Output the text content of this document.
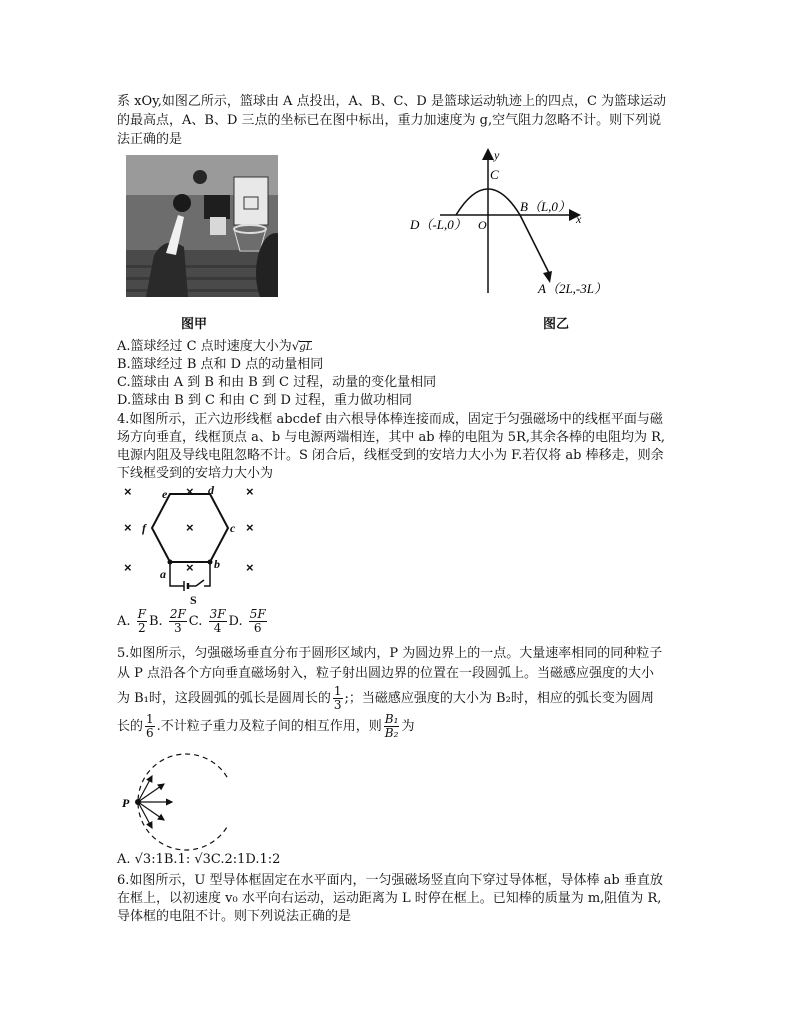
系 xOy,如图乙所示，篮球由 A 点投出，A、B、C、D 是篮球运动轨迹上的四点，C 为篮球运动
的最高点，A、B、D 三点的坐标已在图中标出，重力加速度为 g,空气阻力忽略不计。则下列说
法正确的是
图甲
y
x
C
O
B（L,0）
D（-L,0）
A（2L,-3L）
图乙
A.篮球经过 C 点时速度大小为√gL
B.篮球经过 B 点和 D 点的动量相同
C.篮球由 A 到 B 和由 B 到 C 过程，动量的变化量相同
D.篮球由 B 到 C 和由 C 到 D 过程，重力做功相同
4.如图所示，正六边形线框 abcdef 由六根导体棒连接而成，固定于匀强磁场中的线框平面与磁
场方向垂直，线框顶点 a、b 与电源两端相连，其中 ab 棒的电阻为 5R,其余各棒的电阻均为 R,
电源内阻及导线电阻忽略不计。S 闭合后，线框受到的安培力大小为 F.若仅将 ab 棒移走，则余
下线框受到的安培力大小为
×	×	×
×	×	×
×	×	×
a
b
c
d
e
f
S
A. $\frac{F}{2} B$. $\frac{2F}{3} C$. $\frac{3F}{4} D$. $\frac{5F}{6}$
5.如图所示，匀强磁场垂直分布于圆形区域内，P 为圆边界上的一点。大量速率相同的同种粒子
从 P 点沿各个方向垂直磁场射入，粒子射出圆边界的位置在一段圆弧上。当磁感应强度的大小
为 B₁时，这段圆弧的弧长是圆周长的 $\frac{1}{3}$ ;；当磁感应强度的大小为 B₂时，相应的弧长变为圆周
长的 $\frac{1}{6}$ .不计粒子重力及粒子间的相互作用，则 $\frac{\text{B₁}}{\text{B₂}}$ 为
P
A. √3:1B.1: √3C.2:1D.1:2
6.如图所示，U 型导体框固定在水平面内，一匀强磁场竖直向下穿过导体框，导体棒 ab 垂直放
在框上，以初速度 v₀ 水平向右运动，运动距离为 L 时停在框上。已知棒的质量为 m,阻值为 R,
导体框的电阻不计。则下列说法正确的是
